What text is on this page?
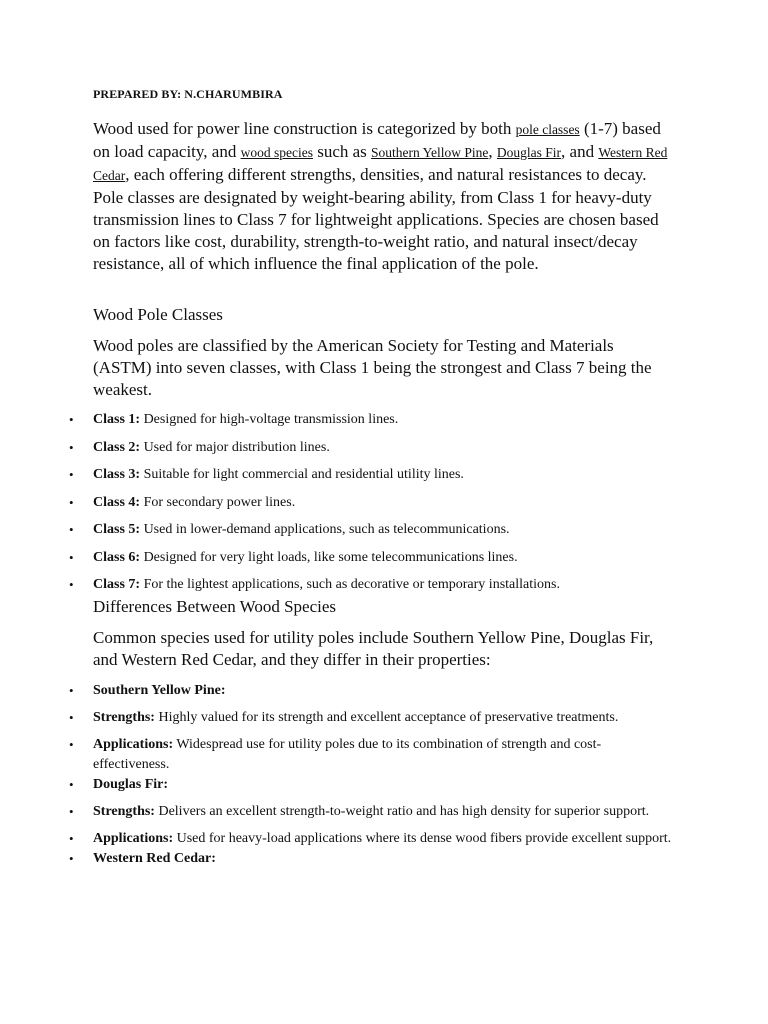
PREPARED BY: N.CHARUMBIRA
Wood used for power line construction is categorized by both pole classes (1-7) based on load capacity, and wood species such as Southern Yellow Pine, Douglas Fir, and Western Red Cedar, each offering different strengths, densities, and natural resistances to decay. Pole classes are designated by weight-bearing ability, from Class 1 for heavy-duty transmission lines to Class 7 for lightweight applications. Species are chosen based on factors like cost, durability, strength-to-weight ratio, and natural insect/decay resistance, all of which influence the final application of the pole.
Wood Pole Classes
Wood poles are classified by the American Society for Testing and Materials (ASTM) into seven classes, with Class 1 being the strongest and Class 7 being the weakest.
• Class 1: Designed for high-voltage transmission lines.
• Class 2: Used for major distribution lines.
• Class 3: Suitable for light commercial and residential utility lines.
• Class 4: For secondary power lines.
• Class 5: Used in lower-demand applications, such as telecommunications.
• Class 6: Designed for very light loads, like some telecommunications lines.
• Class 7: For the lightest applications, such as decorative or temporary installations.
Differences Between Wood Species
Common species used for utility poles include Southern Yellow Pine, Douglas Fir, and Western Red Cedar, and they differ in their properties:
• Southern Yellow Pine:
• Strengths: Highly valued for its strength and excellent acceptance of preservative treatments.
• Applications: Widespread use for utility poles due to its combination of strength and cost-effectiveness.
• Douglas Fir:
• Strengths: Delivers an excellent strength-to-weight ratio and has high density for superior support.
• Applications: Used for heavy-load applications where its dense wood fibers provide excellent support.
• Western Red Cedar:
